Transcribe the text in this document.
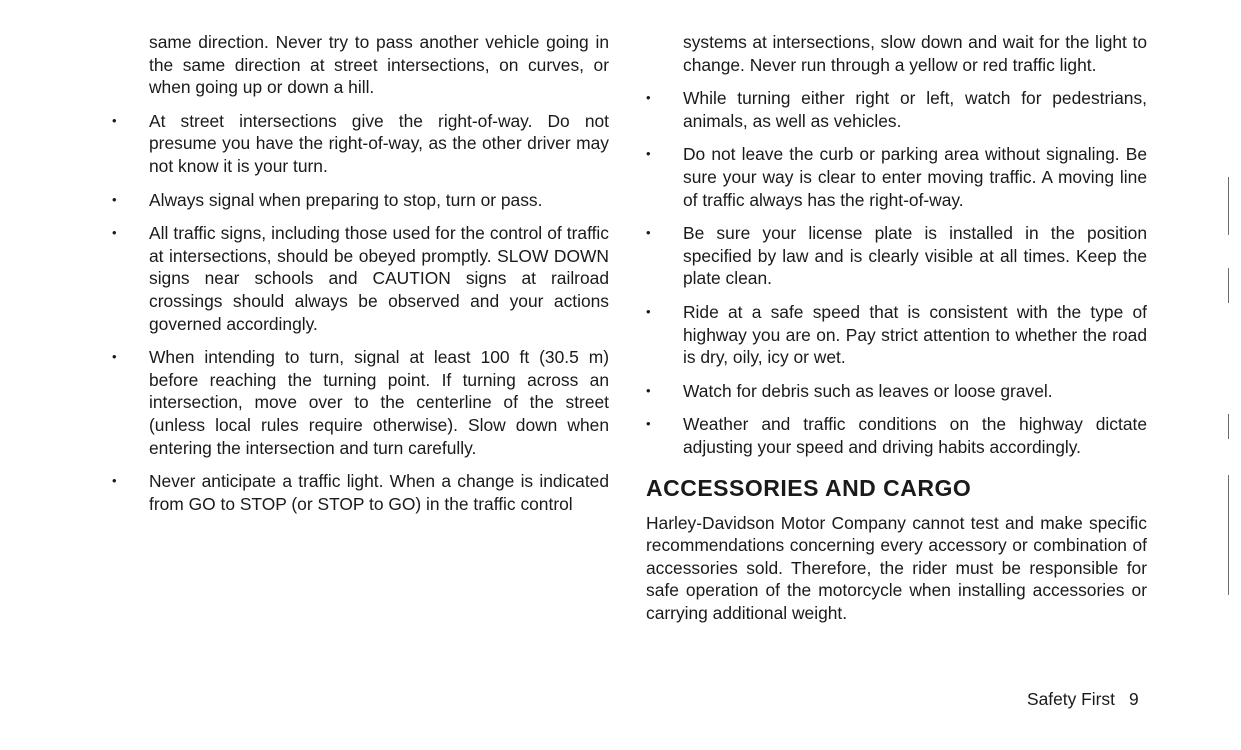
same direction. Never try to pass another vehicle going in the same direction at street intersections, on curves, or when going up or down a hill.

•	At street intersections give the right-of-way. Do not presume you have the right-of-way, as the other driver may not know it is your turn.
•	Always signal when preparing to stop, turn or pass.
•	All traffic signs, including those used for the control of traffic at intersections, should be obeyed promptly. SLOW DOWN signs near schools and CAUTION signs at railroad crossings should always be observed and your actions governed accordingly.
•	When intending to turn, signal at least 100 ft (30.5 m) before reaching the turning point. If turning across an intersection, move over to the centerline of the street (unless local rules require otherwise). Slow down when entering the intersection and turn carefully.
•	Never anticipate a traffic light. When a change is indicated from GO to STOP (or STOP to GO) in the traffic control

systems at intersections, slow down and wait for the light to change. Never run through a yellow or red traffic light.

•	While turning either right or left, watch for pedestrians, animals, as well as vehicles.
•	Do not leave the curb or parking area without signaling. Be sure your way is clear to enter moving traffic. A moving line of traffic always has the right-of-way.
•	Be sure your license plate is installed in the position specified by law and is clearly visible at all times. Keep the plate clean.
•	Ride at a safe speed that is consistent with the type of highway you are on. Pay strict attention to whether the road is dry, oily, icy or wet.
•	Watch for debris such as leaves or loose gravel.
•	Weather and traffic conditions on the highway dictate adjusting your speed and driving habits accordingly.
ACCESSORIES AND CARGO

Harley-Davidson Motor Company cannot test and make specific recommendations concerning every accessory or combination of accessories sold. Therefore, the rider must be responsible for safe operation of the motorcycle when installing accessories or carrying additional weight.

Safety First 9
